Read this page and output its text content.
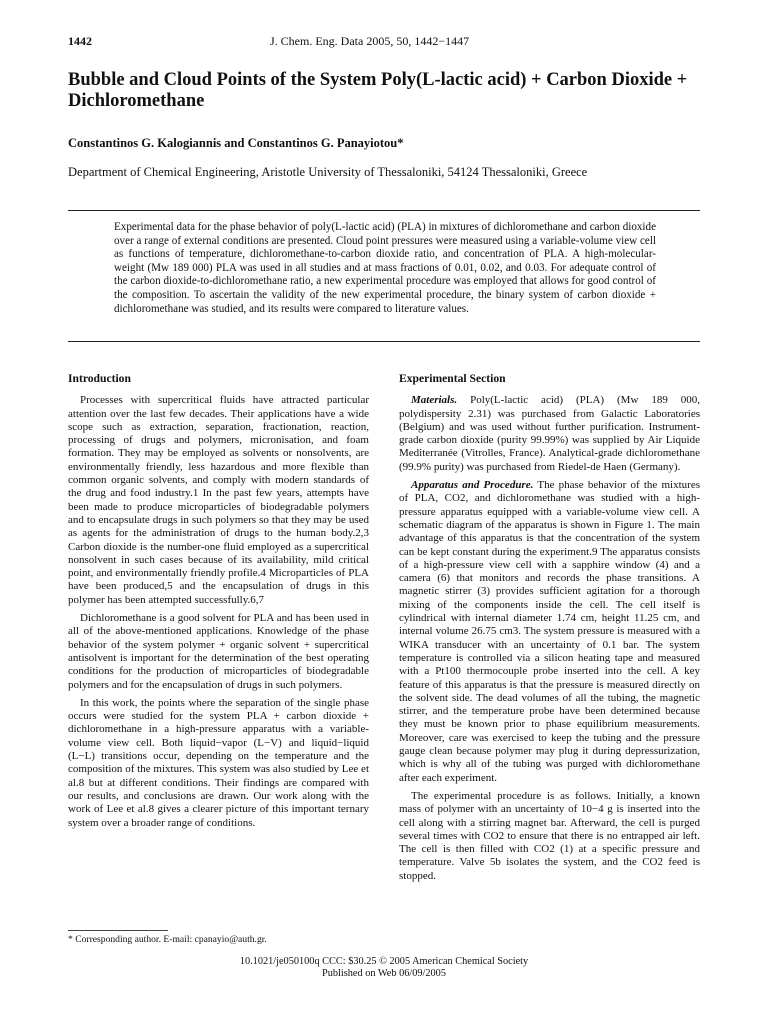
1442	J. Chem. Eng. Data 2005, 50, 1442−1447
Bubble and Cloud Points of the System Poly(L-lactic acid) + Carbon Dioxide + Dichloromethane
Constantinos G. Kalogiannis and Constantinos G. Panayiotou*
Department of Chemical Engineering, Aristotle University of Thessaloniki, 54124 Thessaloniki, Greece
Experimental data for the phase behavior of poly(L-lactic acid) (PLA) in mixtures of dichloromethane and carbon dioxide over a range of external conditions are presented. Cloud point pressures were measured using a variable-volume view cell as functions of temperature, dichloromethane-to-carbon dioxide ratio, and concentration of PLA. A high-molecular-weight (Mw 189 000) PLA was used in all studies and at mass fractions of 0.01, 0.02, and 0.03. For adequate control of the carbon dioxide-to-dichloromethane ratio, a new experimental procedure was employed that allows for good control of the composition. To ascertain the validity of the new experimental procedure, the binary system of carbon dioxide + dichloromethane was studied, and its results were compared to literature values.
Introduction

Processes with supercritical fluids have attracted particular attention over the last few decades. Their applications have a wide scope such as extraction, separation, fractionation, reaction, processing of drugs and polymers, micronisation, and foam formation. They may be employed as solvents or nonsolvents, are environmentally friendly, less hazardous and more flexible than common organic solvents, and comply with modern standards of the drug and food industry.1 In the past few years, attempts have been made to produce microparticles of biodegradable polymers and to encapsulate drugs in such polymers so that they may be used as agents for the administration of drugs to the human body.2,3 Carbon dioxide is the number-one fluid employed as a supercritical nonsolvent in such cases because of its availability, mild critical point, and environmentally friendly profile.4 Microparticles of PLA have been produced,5 and the encapsulation of drugs in this polymer has been attempted successfully.6,7

Dichloromethane is a good solvent for PLA and has been used in all of the above-mentioned applications. Knowledge of the phase behavior of the system polymer + organic solvent + supercritical antisolvent is important for the determination of the best operating conditions for the production of microparticles of biodegradable polymers and for the encapsulation of drugs in such polymers.

In this work, the points where the separation of the single phase occurs were studied for the system PLA + carbon dioxide + dichloromethane in a high-pressure apparatus with a variable-volume view cell. Both liquid−vapor (L−V) and liquid−liquid (L−L) transitions occur, depending on the temperature and the composition of the mixtures. This system was also studied by Lee et al.8 but at different conditions. Their findings are compared with our results, and conclusions are drawn. Our work along with the work of Lee et al.8 gives a clearer picture of this important ternary system over a broader range of conditions.

Experimental Section

Materials. Poly(L-lactic acid) (PLA) (Mw 189 000, polydispersity 2.31) was purchased from Galactic Laboratories (Belgium) and was used without further purification. Instrument-grade carbon dioxide (purity 99.99%) was supplied by Air Liquide Mediterranée (Vitrolles, France). Analytical-grade dichloromethane (99.9% purity) was purchased from Riedel-de Haen (Germany).

Apparatus and Procedure. The phase behavior of the mixtures of PLA, CO2, and dichloromethane was studied with a high-pressure apparatus equipped with a variable-volume view cell. A schematic diagram of the apparatus is shown in Figure 1. The main advantage of this apparatus is that the concentration of the system can be kept constant during the experiment.9 The apparatus consists of a high-pressure view cell with a sapphire window (4) and a camera (6) that monitors and records the phase transitions. A magnetic stirrer (3) provides sufficient agitation for a thorough mixing of the components inside the cell. The cell itself is cylindrical with internal diameter 1.74 cm, height 11.25 cm, and internal volume 26.75 cm3. The system pressure is measured with a WIKA transducer with an uncertainty of 0.1 bar. The system temperature is controlled via a silicon heating tape and measured with a Pt100 thermocouple probe inserted into the cell. A key feature of this apparatus is that the pressure is measured directly on the solvent side. The dead volumes of all the tubing, the magnetic stirrer, and the temperature probe have been determined because they must be known prior to phase equilibrium measurements. Moreover, care was exercised to keep the tubing and the pressure gauge clean because polymer may plug it during depressurization, which is why all of the tubing was purged with dichloromethane after each experiment.

The experimental procedure is as follows. Initially, a known mass of polymer with an uncertainty of 10−4 g is inserted into the cell along with a stirring magnet bar. Afterward, the cell is purged several times with CO2 to ensure that there is no entrapped air left. The cell is then filled with CO2 (1) at a specific pressure and temperature. Valve 5b isolates the system, and the CO2 feed is stopped.

* Corresponding author. E-mail: cpanayio@auth.gr.
10.1021/je050100q CCC: $30.25 © 2005 American Chemical Society
Published on Web 06/09/2005
